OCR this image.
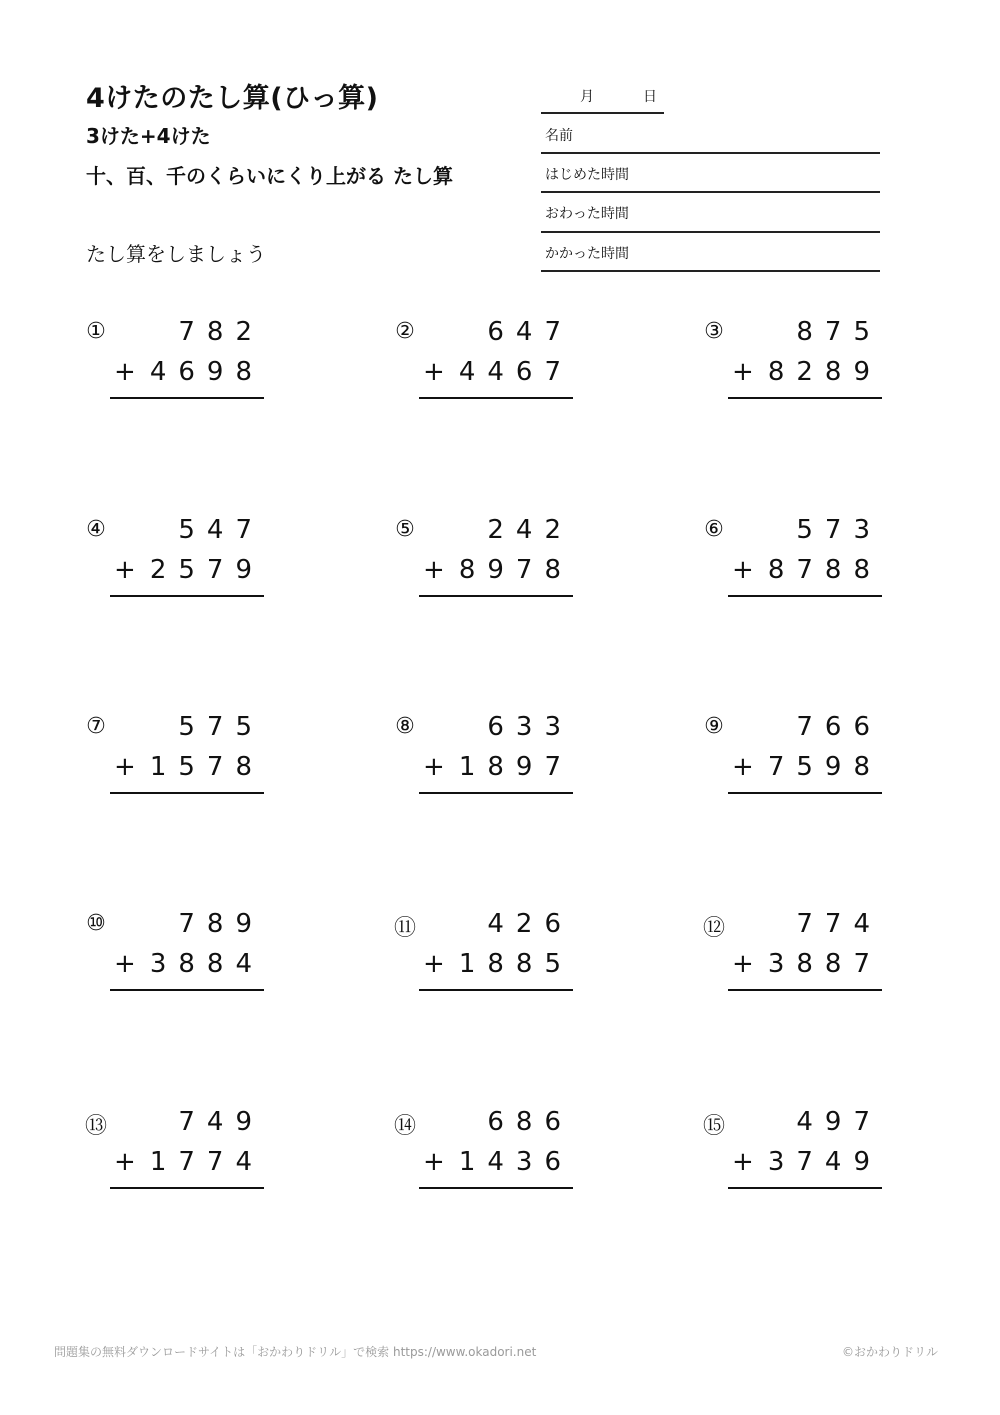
4けたのたし算(ひっ算)
3けた+4けた
十、百、千のくらいにくり上がる たし算
たし算をしましょう
月	日
名前
はじめた時間
おわった時間
かかった時間
①	782
+ 4698
②	647
+ 4467
③	875
+ 8289
④	547
+ 2579
⑤	242
+ 8978
⑥	573
+ 8788
⑦	575
+ 1578
⑧	633
+ 1897
⑨	766
+ 7598
⑩	789
+ 3884
⑪	426
+ 1885
⑫	774
+ 3887
⑬	749
+ 1774
⑭	686
+ 1436
⑮	497
+ 3749
問題集の無料ダウンロードサイトは「おかわりドリル」で検索 https://www.okadori.net	©おかわりドリル
